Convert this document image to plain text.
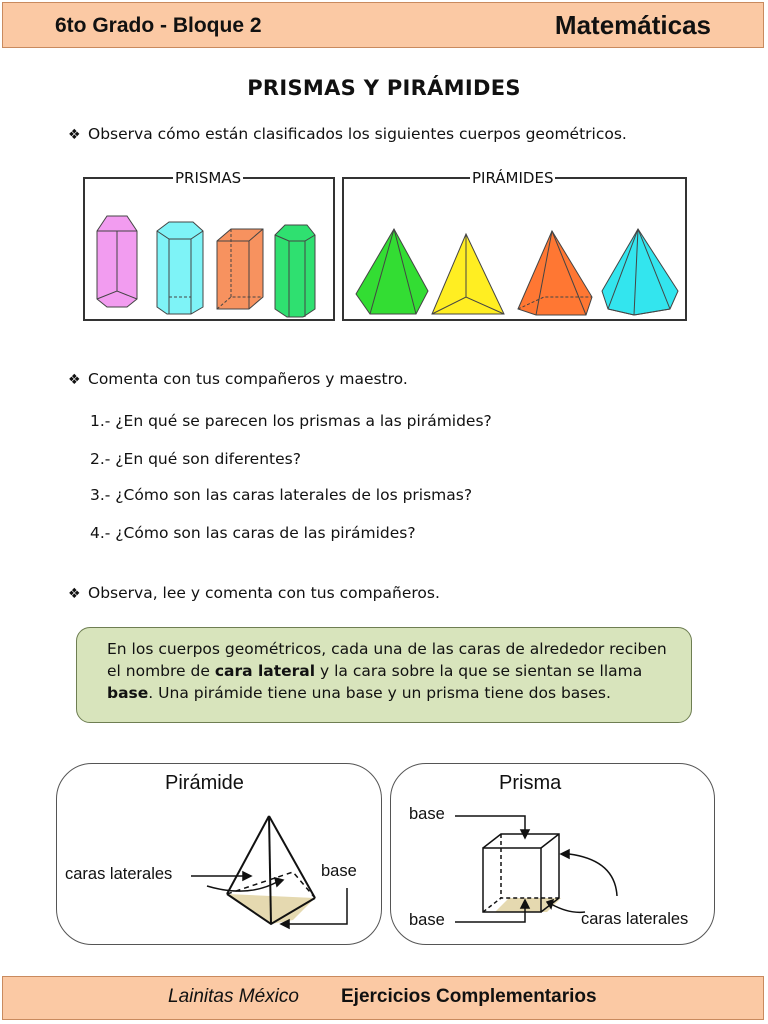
6to Grado - Bloque 2	Matemáticas
PRISMAS Y PIRÁMIDES
❖ Observa cómo están clasificados los siguientes cuerpos geométricos.
PRISMAS	PIRÁMIDES
❖ Comenta con tus compañeros y maestro.
1.- ¿En qué se parecen los prismas a las pirámides?
2.- ¿En qué son diferentes?
3.- ¿Cómo son las caras laterales de los prismas?
4.- ¿Cómo son las caras de las pirámides?
❖ Observa, lee y comenta con tus compañeros.
En los cuerpos geométricos, cada una de las caras de alrededor reciben el nombre de cara lateral y la cara sobre la que se sientan se llama base. Una pirámide tiene una base y un prisma tiene dos bases.
Pirámide
caras laterales	base
Prisma
base
base	caras laterales
Lainitas México Ejercicios Complementarios
